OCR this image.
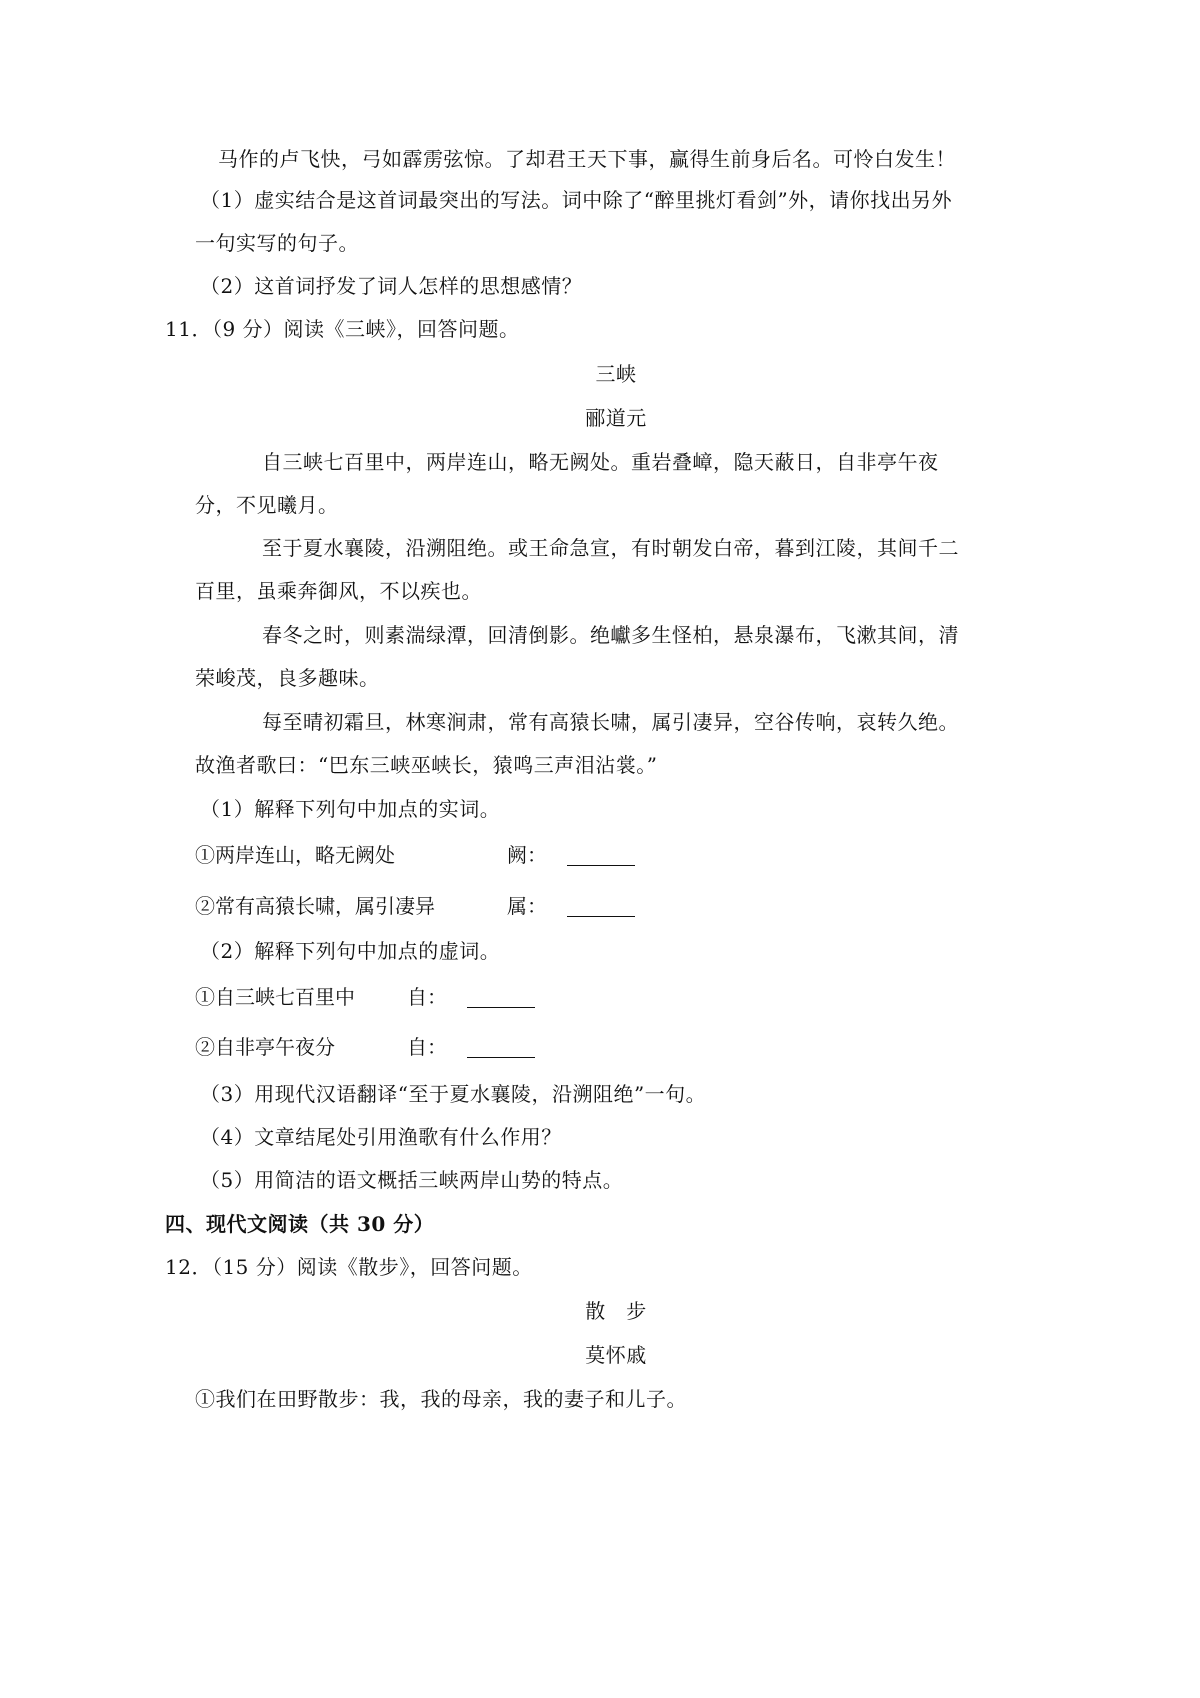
马作的卢飞快，弓如霹雳弦惊。了却君王天下事，赢得生前身后名。可怜白发生！
（1）虚实结合是这首词最突出的写法。词中除了“醉里挑灯看剑”外，请你找出另外
一句实写的句子。
（2）这首词抒发了词人怎样的思想感情？
11．（9 分）阅读《三峡》，回答问题。
三峡
郦道元
自三峡七百里中，两岸连山，略无阙处。重岩叠嶂，隐天蔽日，自非亭午夜
分，不见曦月。
至于夏水襄陵，沿溯阻绝。或王命急宣，有时朝发白帝，暮到江陵，其间千二
百里，虽乘奔御风，不以疾也。
春冬之时，则素湍绿潭，回清倒影。绝巘多生怪柏，悬泉瀑布，飞漱其间，清
荣峻茂，良多趣味。
每至晴初霜旦，林寒涧肃，常有高猿长啸，属引凄异，空谷传响，哀转久绝。
故渔者歌曰：“巴东三峡巫峡长，猿鸣三声泪沾裳。”
（1）解释下列句中加点的实词。
①两岸连山，略无阙处	阙：
②常有高猿长啸，属引凄异	属：
（2）解释下列句中加点的虚词。
①自三峡七百里中	自：
②自非亭午夜分	自：
（3）用现代汉语翻译“至于夏水襄陵，沿溯阻绝”一句。
（4）文章结尾处引用渔歌有什么作用？
（5）用简洁的语文概括三峡两岸山势的特点。
四、现代文阅读（共 30 分）
12．（15 分）阅读《散步》，回答问题。
散　步
莫怀戚
①我们在田野散步：我，我的母亲，我的妻子和儿子。
